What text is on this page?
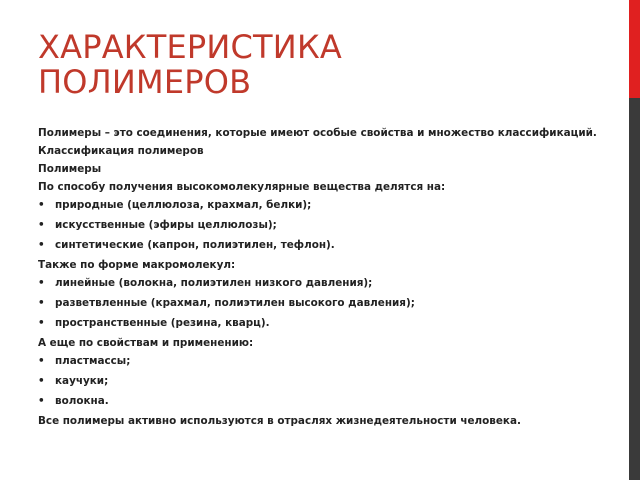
ХАРАКТЕРИСТИКА
ПОЛИМЕРОВ

Полимеры – это соединения, которые имеют особые свойства и множество классификаций.

Классификация полимеров

Полимеры

По способу получения высокомолекулярные вещества делятся на:

• природные (целлюлоза, крахмал, белки);
• искусственные (эфиры целлюлозы);
• синтетические (капрон, полиэтилен, тефлон).

Также по форме макромолекул:

• линейные (волокна, полиэтилен низкого давления);
• разветвленные (крахмал, полиэтилен высокого давления);
• пространственные (резина, кварц).

А еще по свойствам и применению:

• пластмассы;
• каучуки;
• волокна.

Все полимеры активно используются в отраслях жизнедеятельности человека.
